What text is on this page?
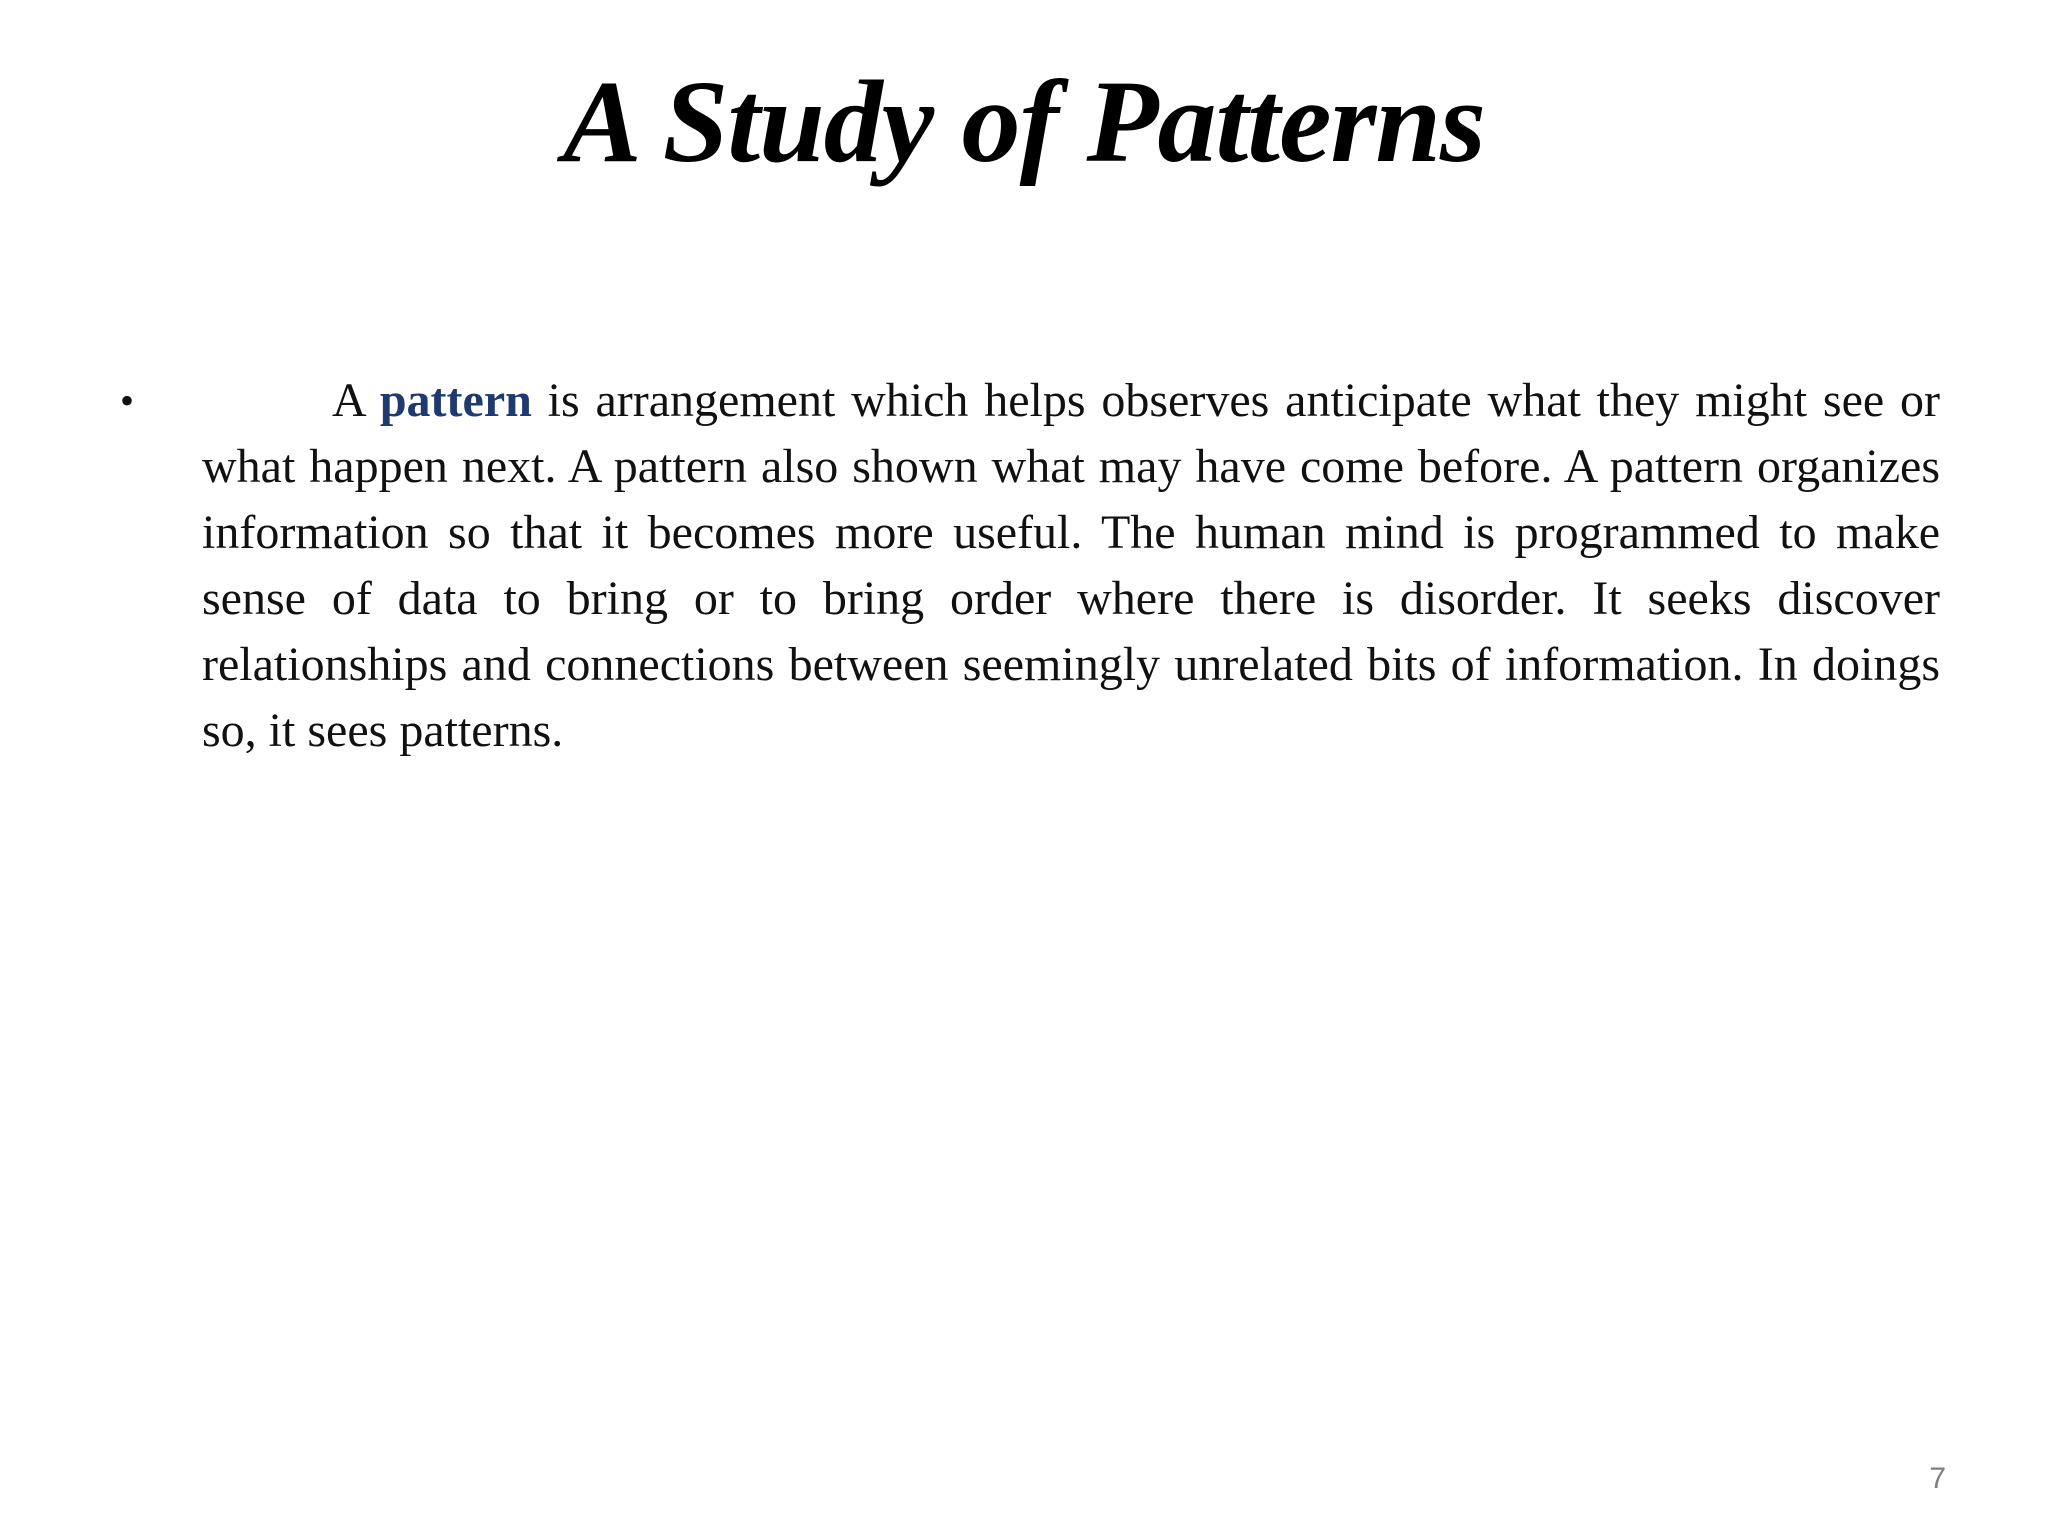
A Study of Patterns
•	A pattern is arrangement which helps observes anticipate what they might see or what happen next. A pattern also shown what may have come before. A pattern organizes information so that it becomes more useful. The human mind is programmed to make sense of data to bring or to bring order where there is disorder. It seeks discover relationships and connections between seemingly unrelated bits of information. In doings so, it sees patterns.

7
